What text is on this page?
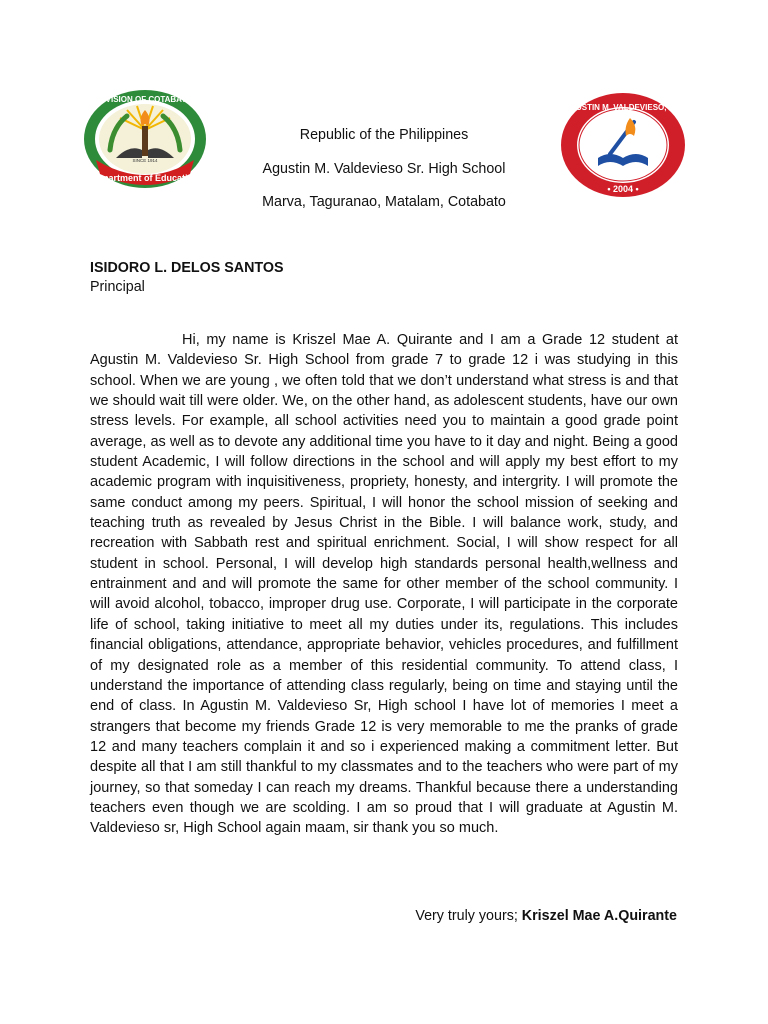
SINCE 1914
Department of Education
DIVISION OF COTABATO
AGUSTIN M. VALDEVIESO, SR.
• 2004 •
Republic of the Philippines
Agustin M. Valdevieso Sr. High School
Marva, Taguranao, Matalam, Cotabato
ISIDORO L. DELOS SANTOS
Principal

Hi, my name is Kriszel Mae A. Quirante and I am a Grade 12 student at Agustin M. Valdevieso Sr. High School from grade 7 to grade 12 i was studying in this school. When we are young , we often told that we don’t understand what stress is and that we should wait till were older. We, on the other hand, as adolescent students, have our own stress levels. For example, all school activities need you to maintain a good grade point average, as well as to devote any additional time you have to it day and night. Being a good student Academic, I will follow directions in the school and will apply my best effort to my academic program with inquisitiveness, propriety, honesty, and intergrity. I will promote the same conduct among my peers. Spiritual, I will honor the school mission of seeking and teaching truth as revealed by Jesus Christ in the Bible. I will balance work, study, and recreation with Sabbath rest and spiritual enrichment. Social, I will show respect for all student in school. Personal, I will develop high standards personal health,wellness and entrainment and and will promote the same for other member of the school community. I will avoid alcohol, tobacco, improper drug use. Corporate, I will participate in the corporate life of school, taking initiative to meet all my duties under its, regulations. This includes financial obligations, attendance, appropriate behavior, vehicles procedures, and fulfillment of my designated role as a member of this residential community. To attend class, I understand the importance of attending class regularly, being on time and staying until the end of class. In Agustin M. Valdevieso Sr, High school I have lot of memories I meet a strangers that become my friends Grade 12 is very memorable to me the pranks of grade 12 and many teachers complain it and so i experienced making a commitment letter. But despite all that I am still thankful to my classmates and to the teachers who were part of my journey, so that someday I can reach my dreams. Thankful because there a understanding teachers even though we are scolding. I am so proud that I will graduate at Agustin M. Valdevieso sr, High School again maam, sir thank you so much.

Very truly yours; Kriszel Mae A.Quirante
